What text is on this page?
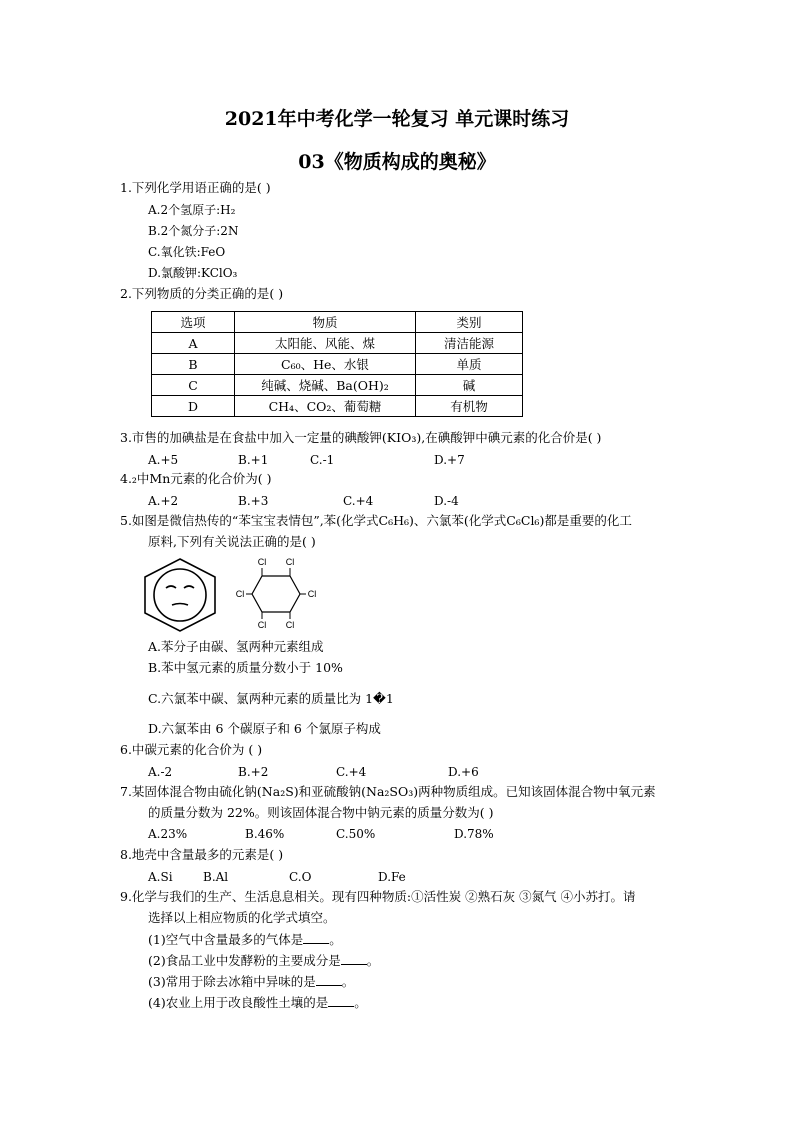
2021年中考化学一轮复习 单元课时练习
03《物质构成的奥秘》
1.下列化学用语正确的是( )
A.2个氢原子:H₂
B.2个氮分子:2N
C.氧化铁:FeO
D.氯酸钾:KClO₃
2.下列物质的分类正确的是( )
选项	物质	类别
A	太阳能、风能、煤	清洁能源
B	C₆₀、He、水银	单质
C	纯碱、烧碱、Ba(OH)₂	碱
D	CH₄、CO₂、葡萄糖	有机物
3.市售的加碘盐是在食盐中加入一定量的碘酸钾(KIO₃),在碘酸钾中碘元素的化合价是( )
A.+5	B.+1	C.-1	D.+7
4.₂中Mn元素的化合价为( )
A.+2	B.+3	C.+4	D.-4
5.如图是微信热传的“苯宝宝表情包”,苯(化学式C₆H₆)、六氯苯(化学式C₆Cl₆)都是重要的化工
原料,下列有关说法正确的是( )
Cl Cl
Cl
Cl
Cl Cl
A.苯分子由碳、氢两种元素组成
B.苯中氢元素的质量分数小于 10%
C.六氯苯中碳、氯两种元素的质量比为 1�1
D.六氯苯由 6 个碳原子和 6 个氯原子构成
6.中碳元素的化合价为 ( )
A.-2	B.+2	C.+4	D.+6
7.某固体混合物由硫化钠(Na₂S)和亚硫酸钠(Na₂SO₃)两种物质组成。已知该固体混合物中氧元素
的质量分数为 22%。则该固体混合物中钠元素的质量分数为( )
A.23%	B.46%	C.50%	D.78%
8.地壳中含量最多的元素是( )
A.Si	B.Al	C.O	D.Fe
9.化学与我们的生产、生活息息相关。现有四种物质:①活性炭 ②熟石灰 ③氮气 ④小苏打。请
选择以上相应物质的化学式填空。
(1)空气中含量最多的气体是 。
(2)食品工业中发酵粉的主要成分是 。
(3)常用于除去冰箱中异味的是 。
(4)农业上用于改良酸性土壤的是 。
